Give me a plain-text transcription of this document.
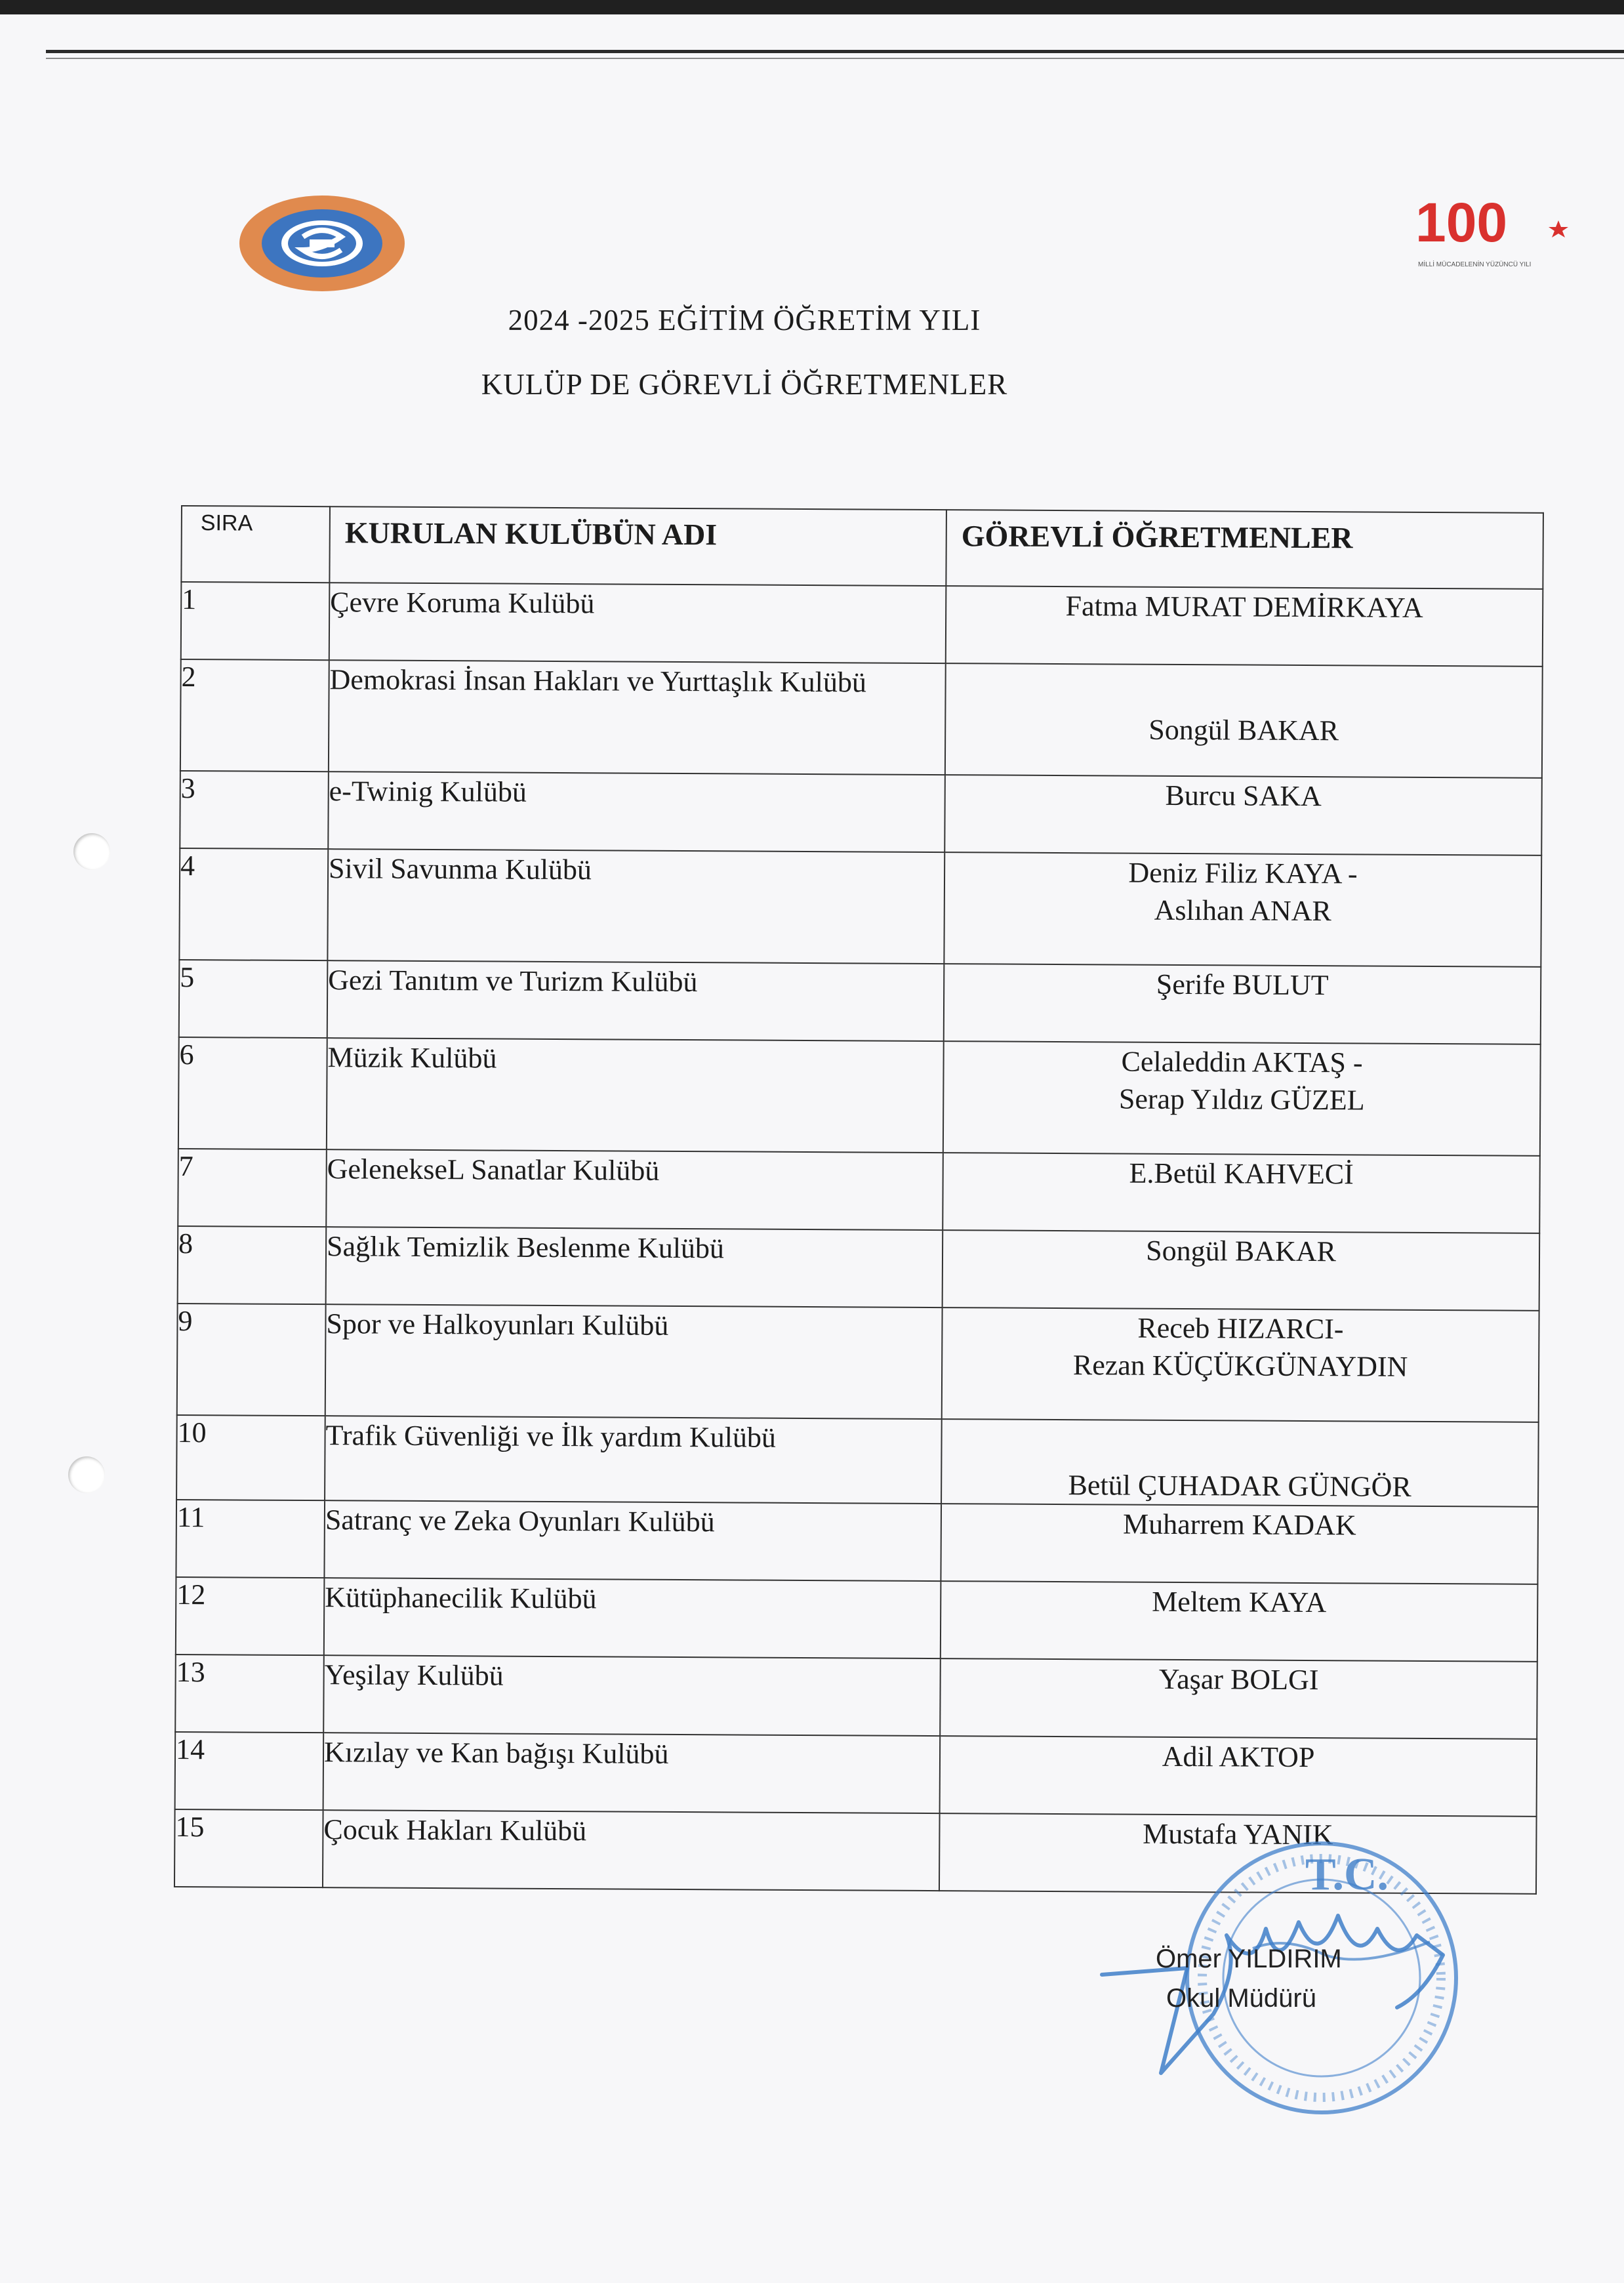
100
MİLLİ MÜCADELENİN YÜZÜNCÜ YILI
2024 -2025 EĞİTİM ÖĞRETİM YILI
KULÜP DE GÖREVLİ ÖĞRETMENLER
SIRA	KURULAN KULÜBÜN ADI	GÖREVLİ ÖĞRETMENLER

1	Çevre Koruma Kulübü	Fatma MURAT DEMİRKAYA

2	Demokrasi İnsan Hakları ve Yurttaşlık Kulübü	Songül BAKAR

3	e-Twinig Kulübü	Burcu SAKA

4	Sivil Savunma Kulübü	Deniz Filiz KAYA -
Aslıhan ANAR

5	Gezi Tanıtım ve Turizm Kulübü	Şerife BULUT

6	Müzik Kulübü	Celaleddin AKTAŞ -
Serap Yıldız GÜZEL

7	GeleneksеL Sanatlar Kulübü	E.Betül KAHVECİ

8	Sağlık Temizlik Beslenme Kulübü	Songül BAKAR

9	Spor ve Halkoyunları Kulübü	Receb HIZARCI-
Rezan KÜÇÜKGÜNAYDIN

10	Trafik Güvenliği ve İlk yardım Kulübü	Betül ÇUHADAR GÜNGÖR

11	Satranç ve Zeka Oyunları Kulübü	Muharrem KADAK

12	Kütüphanecilik Kulübü	Meltem KAYA

13	Yeşilay Kulübü	Yaşar BOLGI

14	Kızılay ve Kan bağışı Kulübü	Adil AKTOP

15	Çocuk Hakları Kulübü	Mustafa YANIK
T.C.
Ömer YILDIRIM
Okul Müdürü
